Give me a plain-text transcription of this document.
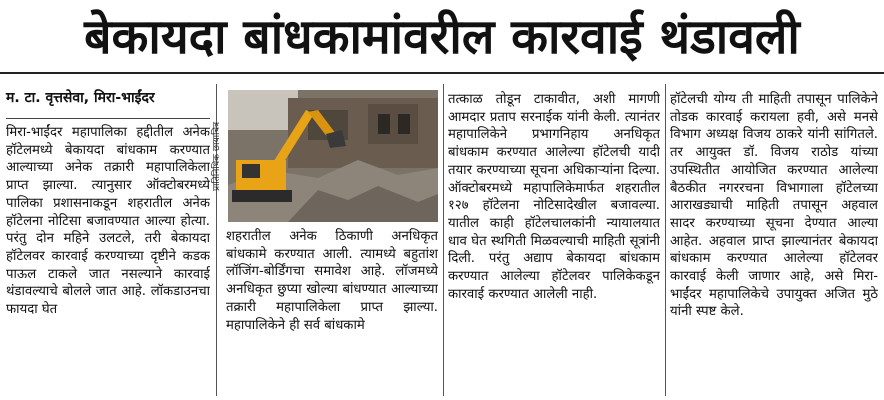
बेकायदा बांधकामांवरील कारवाई थंडावली
म. टा. वृत्तसेवा, मिरा-भाईंदर
मिरा-भाईंदर महापालिका हद्दीतील अनेक हॉटेलमध्ये बेकायदा बांधकाम करण्यात आल्याच्या अनेक तक्रारी महापालिकेला प्राप्त झाल्या. त्यानुसार ऑक्टोबरमध्ये पालिका प्रशासनाकडून शहरातील अनेक हॉटेलना नोटिसा बजावण्यात आल्या होत्या. परंतु दोन महिने उलटले, तरी बेकायदा हॉटेलवर कारवाई करण्याच्या दृष्टीने कडक पाऊल टाकले जात नसल्याने कारवाई थंडावल्याचे बोलले जात आहे. लॉकडाउनचा फायदा घेत
प्रातिनिधिक छायाचित्र
शहरातील अनेक ठिकाणी अनधिकृत बांधकामे करण्यात आली. त्यामध्ये बहुतांश लॉजिंग-बोर्डिंगचा समावेश आहे. लॉजमध्ये अनधिकृत छुप्या खोल्या बांधण्यात आल्याच्या तक्रारी महापालिकेला प्राप्त झाल्या. महापालिकेने ही सर्व बांधकामे
तत्काळ तोडून टाकावीत, अशी मागणी आमदार प्रताप सरनाईक यांनी केली. त्यानंतर महापालिकेने प्रभागनिहाय अनधिकृत बांधकाम करण्यात आलेल्या हॉटेलची यादी तयार करण्याच्या सूचना अधिकाऱ्यांना दिल्या. ऑक्टोबरमध्ये महापालिकेमार्फत शहरातील १२७ हॉटेलना नोटिसादेखील बजावल्या. यातील काही हॉटेलचालकांनी न्यायालयात धाव घेत स्थगिती मिळवल्याची माहिती सूत्रांनी दिली. परंतु अद्याप बेकायदा बांधकाम करण्यात आलेल्या हॉटेलवर पालिकेकडून कारवाई करण्यात आलेली नाही.
हॉटेलची योग्य ती माहिती तपासून पालिकेने तोडक कारवाई करायला हवी, असे मनसे विभाग अध्यक्ष विजय ठाकरे यांनी सांगितले. तर आयुक्त डॉ. विजय राठोड यांच्या उपस्थितीत आयोजित करण्यात आलेल्या बैठकीत नगररचना विभागाला हॉटेलच्या आराखड्याची माहिती तपासून अहवाल सादर करण्याच्या सूचना देण्यात आल्या आहेत. अहवाल प्राप्त झाल्यानंतर बेकायदा बांधकाम करण्यात आलेल्या हॉटेलवर कारवाई केली जाणार आहे, असे मिरा-भाईंदर महापालिकेचे उपायुक्त अजित मुठे यांनी स्पष्ट केले.
